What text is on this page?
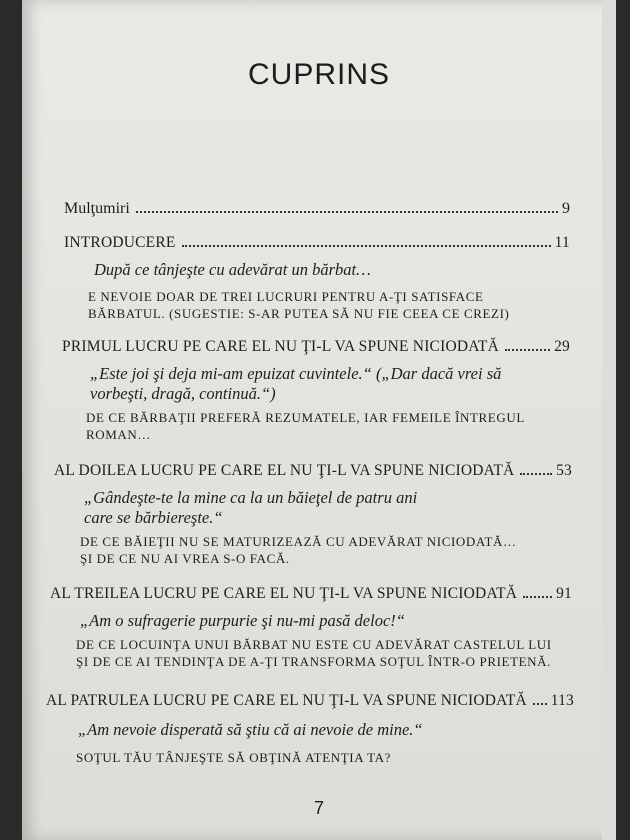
CUPRINS
Mulţumiri	9
INTRODUCERE	11
După ce tânjeşte cu adevărat un bărbat…
E NEVOIE DOAR DE TREI LUCRURI PENTRU A-ŢI SATISFACE
BĂRBATUL. (SUGESTIE: S-AR PUTEA SĂ NU FIE CEEA CE CREZI)
PRIMUL LUCRU PE CARE EL NU ŢI-L VA SPUNE NICIODATĂ	29
„Este joi şi deja mi-am epuizat cuvintele.“ („Dar dacă vrei să
vorbeşti, dragă, continuă.“)
DE CE BĂRBAŢII PREFERĂ REZUMATELE, IAR FEMEILE ÎNTREGUL
ROMAN…
AL DOILEA LUCRU PE CARE EL NU ŢI-L VA SPUNE NICIODATĂ	53
„Gândeşte-te la mine ca la un băieţel de patru ani
care se bărbiereşte.“
DE CE BĂIEŢII NU SE MATURIZEAZĂ CU ADEVĂRAT NICIODATĂ…
ŞI DE CE NU AI VREA S-O FACĂ.
AL TREILEA LUCRU PE CARE EL NU ŢI-L VA SPUNE NICIODATĂ	91
„Am o sufragerie purpurie şi nu-mi pasă deloc!“
DE CE LOCUINŢA UNUI BĂRBAT NU ESTE CU ADEVĂRAT CASTELUL LUI
ŞI DE CE AI TENDINŢA DE A-ŢI TRANSFORMA SOŢUL ÎNTR-O PRIETENĂ.
AL PATRULEA LUCRU PE CARE EL NU ŢI-L VA SPUNE NICIODATĂ 113
„Am nevoie disperată să ştiu că ai nevoie de mine.“
SOŢUL TĂU TÂNJEŞTE SĂ OBŢINĂ ATENŢIA TA?
7
